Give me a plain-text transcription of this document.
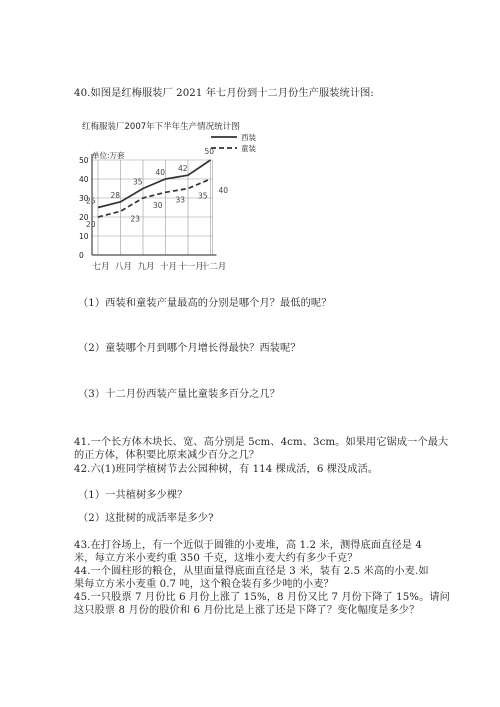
40.如图是红梅服装厂 2021 年七月份到十二月份生产服装统计图:

红梅服装厂2007年下半年生产情况统计图
单位:万套
0
10
20
30
40
50
七月 八月 九月 十月 十一月
十二月
25
28
35
40 42
50
20
23
30
33 35
40
西装
童装

（1）西装和童装产量最高的分别是哪个月？最低的呢？

（2）童装哪个月到哪个月增长得最快？西装呢？

（3）十二月份西装产量比童装多百分之几？

41.一个长方体木块长、宽、高分别是 5cm、4cm、3cm。如果用它锯成一个最大

的正方体，体积要比原来减少百分之几？

42.六(1)班同学植树节去公园种树，有 114 棵成活，6 棵没成活。

（1）一共植树多少棵？

（2）这批树的成活率是多少?

43.在打谷场上，有一个近似于圆锥的小麦堆，高 1.2 米，测得底面直径是 4

米，每立方米小麦约重 350 千克，这堆小麦大约有多少千克？

44.一个圆柱形的粮仓，从里面量得底面直径是 3 米，装有 2.5 米高的小麦.如

果每立方米小麦重 0.7 吨，这个粮仓装有多少吨的小麦？

45.一只股票 7 月份比 6 月份上涨了 15%，8 月份又比 7 月份下降了 15%。请问

这只股票 8 月份的股价和 6 月份比是上涨了还是下降了？变化幅度是多少？
